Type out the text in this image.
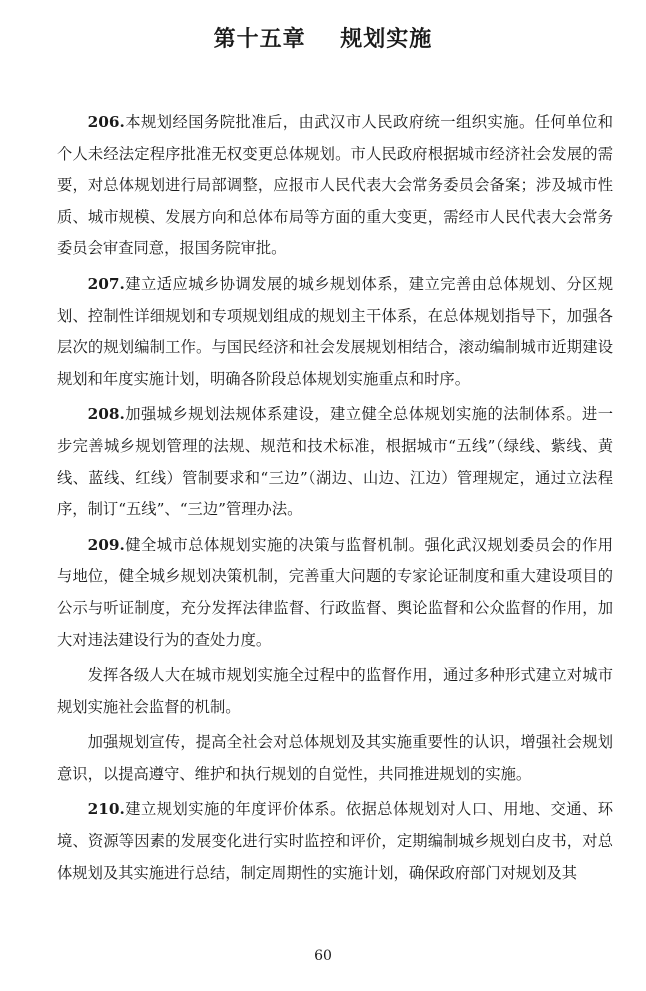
第十五章    规划实施

206.本规划经国务院批准后，由武汉市人民政府统一组织实施。任何单位和个人未经法定程序批准无权变更总体规划。市人民政府根据城市经济社会发展的需要，对总体规划进行局部调整，应报市人民代表大会常务委员会备案；涉及城市性质、城市规模、发展方向和总体布局等方面的重大变更，需经市人民代表大会常务委员会审查同意，报国务院审批。

207.建立适应城乡协调发展的城乡规划体系，建立完善由总体规划、分区规划、控制性详细规划和专项规划组成的规划主干体系，在总体规划指导下，加强各层次的规划编制工作。与国民经济和社会发展规划相结合，滚动编制城市近期建设规划和年度实施计划，明确各阶段总体规划实施重点和时序。

208.加强城乡规划法规体系建设，建立健全总体规划实施的法制体系。进一步完善城乡规划管理的法规、规范和技术标准，根据城市“五线”（绿线、紫线、黄线、蓝线、红线）管制要求和“三边”（湖边、山边、江边）管理规定，通过立法程序，制订“五线”、“三边”管理办法。

209.健全城市总体规划实施的决策与监督机制。强化武汉规划委员会的作用与地位，健全城乡规划决策机制，完善重大问题的专家论证制度和重大建设项目的公示与听证制度，充分发挥法律监督、行政监督、舆论监督和公众监督的作用，加大对违法建设行为的查处力度。

发挥各级人大在城市规划实施全过程中的监督作用，通过多种形式建立对城市规划实施社会监督的机制。

加强规划宣传，提高全社会对总体规划及其实施重要性的认识，增强社会规划意识，以提高遵守、维护和执行规划的自觉性，共同推进规划的实施。

210.建立规划实施的年度评价体系。依据总体规划对人口、用地、交通、环境、资源等因素的发展变化进行实时监控和评价，定期编制城乡规划白皮书，对总体规划及其实施进行总结，制定周期性的实施计划，确保政府部门对规划及其

60
